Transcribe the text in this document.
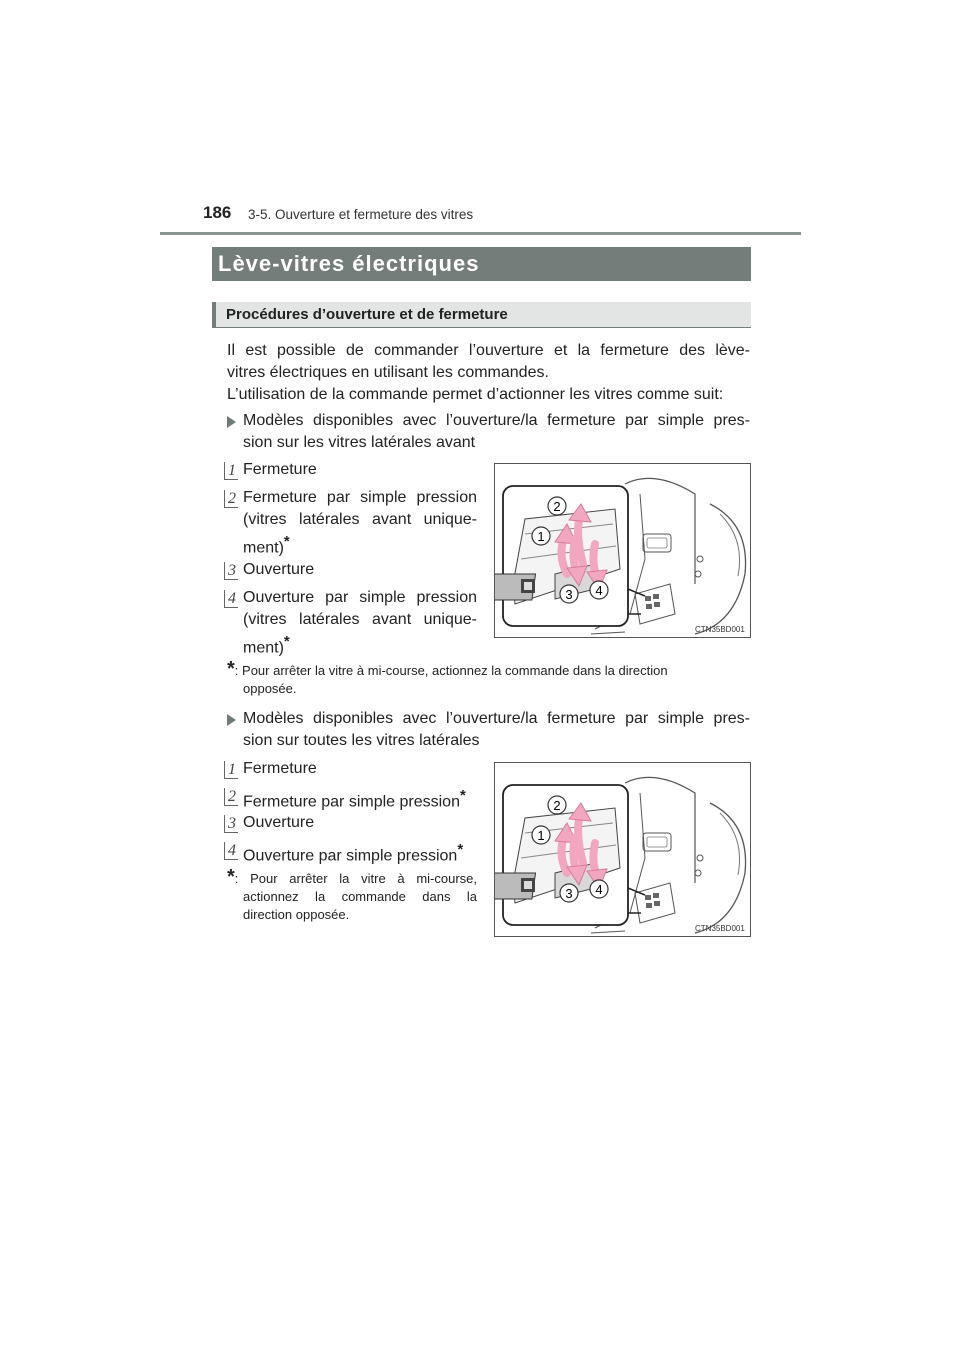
186 3-5. Ouverture et fermeture des vitres
Lève-vitres électriques
Procédures d’ouverture et de fermeture
Il est possible de commander l’ouverture et la fermeture des lève-
vitres électriques en utilisant les commandes.
L’utilisation de la commande permet d’actionner les vitres comme suit:
Modèles disponibles avec l’ouverture/la fermeture par simple pres-
sion sur les vitres latérales avant
1 Fermeture
2 Fermeture par simple pression
(vitres latérales avant unique-
ment)*
3 Ouverture
4 Ouverture par simple pression
(vitres latérales avant unique-
ment)*
1
2
3 4
CTN35BD001
*: Pour arrêter la vitre à mi-course, actionnez la commande dans la direction
opposée.
Modèles disponibles avec l’ouverture/la fermeture par simple pres-
sion sur toutes les vitres latérales
1 Fermeture
2 Fermeture par simple pression*
3 Ouverture
4 Ouverture par simple pression*
*: Pour arrêter la vitre à mi-course,
actionnez la commande dans la
direction opposée.
1
2
3 4
CTN35BD001
